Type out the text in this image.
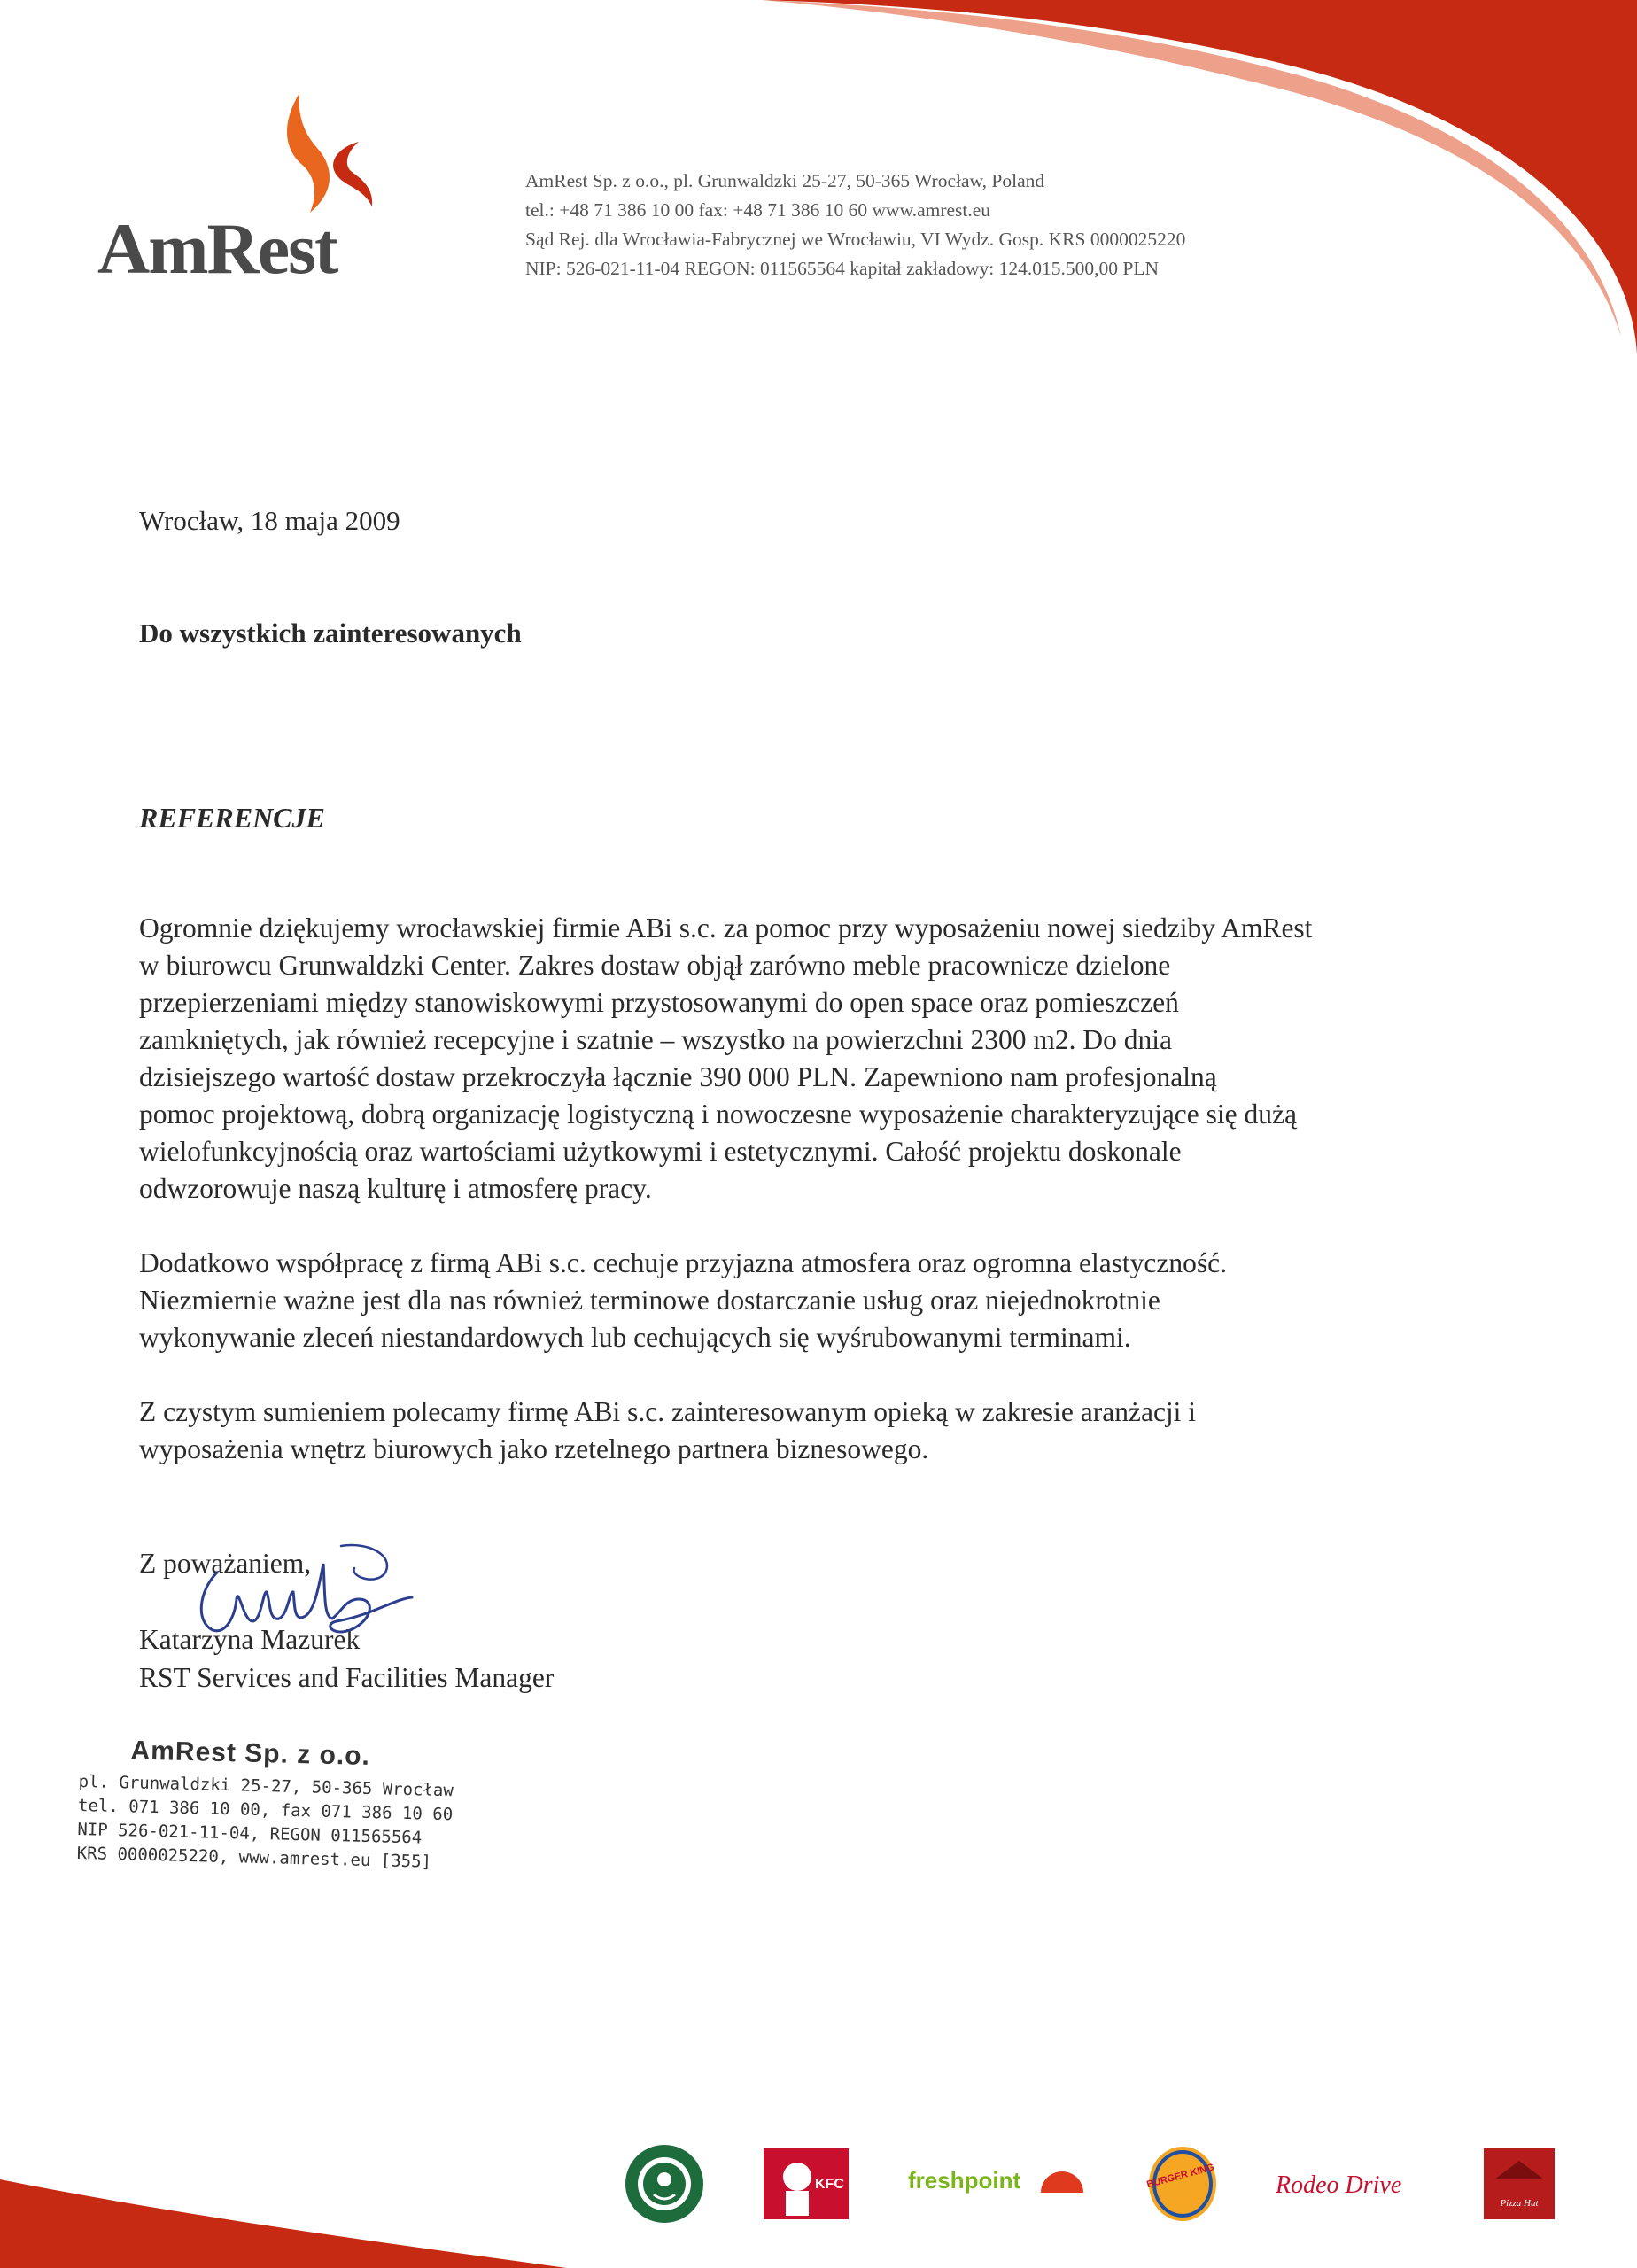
AmRest
AmRest Sp. z o.o., pl. Grunwaldzki 25-27, 50-365 Wrocław, Poland
tel.: +48 71 386 10 00 fax: +48 71 386 10 60 www.amrest.eu
Sąd Rej. dla Wrocławia-Fabrycznej we Wrocławiu, VI Wydz. Gosp. KRS 0000025220
NIP: 526-021-11-04 REGON: 011565564 kapitał zakładowy: 124.015.500,00 PLN
Wrocław, 18 maja 2009
Do wszystkich zainteresowanych
REFERENCJE
Ogromnie dziękujemy wrocławskiej firmie ABi s.c. za pomoc przy wyposażeniu nowej siedziby AmRest
w biurowcu Grunwaldzki Center. Zakres dostaw objął zarówno meble pracownicze dzielone
przepierzeniami między stanowiskowymi przystosowanymi do open space oraz pomieszczeń
zamkniętych, jak również recepcyjne i szatnie – wszystko na powierzchni 2300 m2. Do dnia
dzisiejszego wartość dostaw przekroczyła łącznie 390 000 PLN. Zapewniono nam profesjonalną
pomoc projektową, dobrą organizację logistyczną i nowoczesne wyposażenie charakteryzujące się dużą
wielofunkcyjnością oraz wartościami użytkowymi i estetycznymi. Całość projektu doskonale
odwzorowuje naszą kulturę i atmosferę pracy.
Dodatkowo współpracę z firmą ABi s.c. cechuje przyjazna atmosfera oraz ogromna elastyczność.
Niezmiernie ważne jest dla nas również terminowe dostarczanie usług oraz niejednokrotnie
wykonywanie zleceń niestandardowych lub cechujących się wyśrubowanymi terminami.
Z czystym sumieniem polecamy firmę ABi s.c. zainteresowanym opieką w zakresie aranżacji i
wyposażenia wnętrz biurowych jako rzetelnego partnera biznesowego.
Z poważaniem,
Katarzyna Mazurek
RST Services and Facilities Manager
AmRest Sp. z o.o.
pl. Grunwaldzki 25-27, 50-365 Wrocław
tel. 071 386 10 00, fax 071 386 10 60
NIP 526-021-11-04, REGON 011565564
KRS 0000025220, www.amrest.eu [355]
KFC	freshpoint	BURGER KING Rodeo Drive
Pizza Hut
